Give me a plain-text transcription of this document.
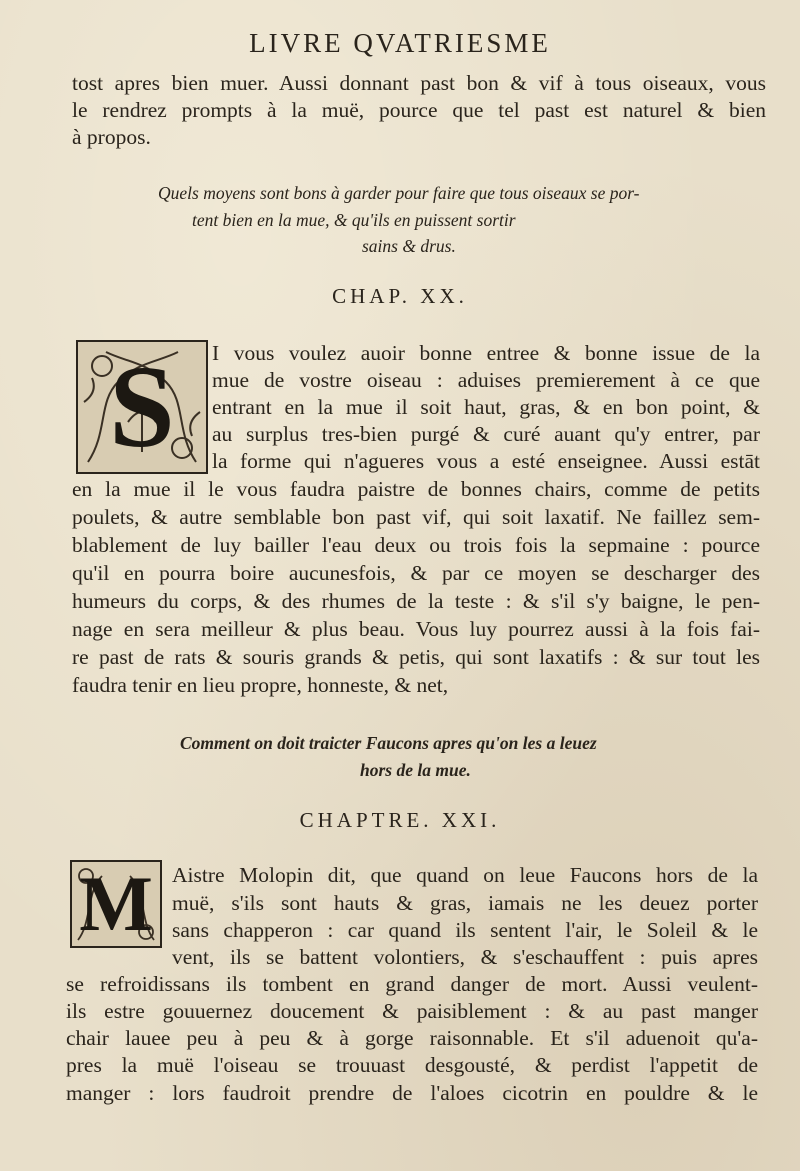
LIVRE QVATRIESME
tost apres bien muer. Aussi donnant past bon & vif à tous oiseaux, vous
le rendrez prompts à la muë, pource que tel past est naturel & bien
à propos.
Quels moyens sont bons à garder pour faire que tous oiseaux se por-
tent bien en la mue, & qu'ils en puissent sortir
sains & drus.
CHAP. XX.
S	I vous voulez auoir bonne entree & bonne issue de la
mue de vostre oiseau : aduises premierement à ce que
entrant en la mue il soit haut, gras, & en bon point, &
au surplus tres-bien purgé & curé auant qu'y entrer, par
la forme qui n'agueres vous a esté enseignee. Aussi estāt
en la mue il le vous faudra paistre de bonnes chairs, comme de petits
poulets, & autre semblable bon past vif, qui soit laxatif. Ne faillez sem-
blablement de luy bailler l'eau deux ou trois fois la sepmaine : pource
qu'il en pourra boire aucunesfois, & par ce moyen se descharger des
humeurs du corps, & des rhumes de la teste : & s'il s'y baigne, le pen-
nage en sera meilleur & plus beau. Vous luy pourrez aussi à la fois fai-
re past de rats & souris grands & petis, qui sont laxatifs : & sur tout les
faudra tenir en lieu propre, honneste, & net,
Comment on doit traicter Faucons apres qu'on les a leuez
hors de la mue.
CHAPTRE. XXI.
M Aistre Molopin dit, que quand on leue Faucons hors de la
muë, s'ils sont hauts & gras, iamais ne les deuez porter
sans chapperon : car quand ils sentent l'air, le Soleil & le
vent, ils se battent volontiers, & s'eschauffent : puis apres
se refroidissans ils tombent en grand danger de mort. Aussi veulent-
ils estre gouuernez doucement & paisiblement : & au past manger
chair lauee peu à peu & à gorge raisonnable. Et s'il aduenoit qu'a-
pres la muë l'oiseau se trouuast desgousté, & perdist l'appetit de
manger : lors faudroit prendre de l'aloes cicotrin en pouldre & le
